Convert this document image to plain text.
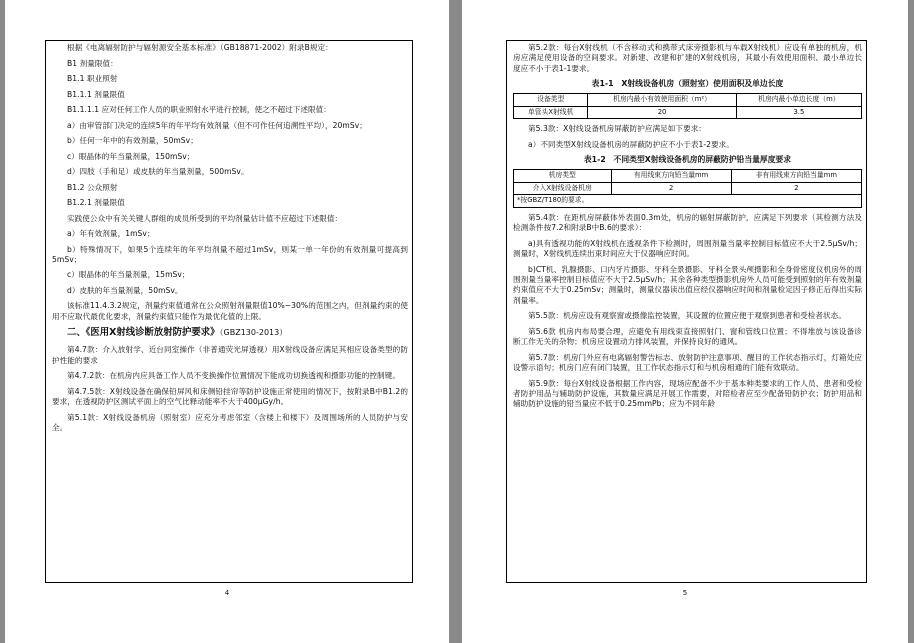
根据《电离辐射防护与辐射源安全基本标准》（GB18871-2002）附录B规定：

B1 剂量限值：

B1.1 职业照射

B1.1.1 剂量限值

B1.1.1.1 应对任何工作人员的职业照射水平进行控制，使之不超过下述限值：

a）由审管部门决定的连续5年的年平均有效剂量（但不可作任何追溯性平均），20mSv；

b）任何一年中的有效剂量，50mSv；

c）眼晶体的年当量剂量，150mSv；

d）四肢（手和足）或皮肤的年当量剂量，500mSv。

B1.2 公众照射

B1.2.1 剂量限值

实践使公众中有关关键人群组的成员所受到的平均剂量估计值不应超过下述限值：

a）年有效剂量，1mSv；

b）特殊情况下，如果5个连续年的年平均剂量不超过1mSv，则某一单一年份的有效剂量可提高到5mSv；

c）眼晶体的年当量剂量，15mSv；

d）皮肤的年当量剂量，50mSv。

该标准11.4.3.2规定，剂量约束值通常在公众照射剂量限值10%~30%的范围之内，但剂量约束的使用不应取代最优化要求，剂量约束值只能作为最优化值的上限。

二、《医用X射线诊断放射防护要求》（GBZ130-2013）

第4.7款：介入放射学、近台同室操作（非普通荧光屏透视）用X射线设备应满足其相应设备类型的防护性能的要求

第4.7.2款：在机房内应具备工作人员不变换操作位置情况下能成功切换透视和摄影功能的控制键。

第4.7.5款：X射线设备在确保铅屏风和床侧铅挂帘等防护设施正常使用的情况下，按附录B中B1.2的要求，在透视防护区测试平面上的空气比释动能率不大于400μGy/h。

第5.1款：X射线设备机房（照射室）应充分考虑邻室（含楼上和楼下）及周围场所的人员防护与安全。

4

第5.2款：每台X射线机（不含移动式和携带式床旁摄影机与车载X射线机）应设有单独的机房，机房应满足使用设备的空间要求。对新建、改建和扩建的X射线机房，其最小有效使用面积、最小单边长度应不小于表1-1要求。

表1-1　X射线设备机房（照射室）使用面积及单边长度
设备类型	机房内最小有效使用面积（m²）	机房内最小单边长度（m）
单管头X射线机	20	3.5

第5.3款：X射线设备机房屏蔽防护应满足如下要求：

a）不同类型X射线设备机房的屏蔽防护应不小于表1-2要求。

表1-2　不同类型X射线设备机房的屏蔽防护铅当量厚度要求
机房类型	有用线束方向铅当量mm	非有用线束方向铅当量mm
介入X射线设备机房	2	2
*按GBZ/T180的要求。		

第5.4款：在距机房屏蔽体外表面0.3m处，机房的辐射屏蔽防护，应满足下列要求（其检测方法及检测条件按7.2和附录B中B.6的要求）：

a)具有透视功能的X射线机在透视条件下检测时，周围剂量当量率控制目标值应不大于2.5μSv/h；测量时，X射线机连续出束时间应大于仪器响应时间。

b)CT机、乳腺摄影、口内牙片摄影、牙科全景摄影、牙科全景头颅摄影和全身骨密度仪机房外的周围剂量当量率控制目标值应不大于2.5μSv/h；其余各种类型摄影机房外人员可能受到照射的年有效剂量约束值应不大于0.25mSv；测量时，测量仪器读出值应经仪器响应时间和剂量检定因子修正后得出实际剂量率。

第5.5款：机房应设有观察窗或摄像监控装置，其设置的位置应便于观察到患者和受检者状态。

第5.6款 机房内布局要合理，应避免有用线束直接照射门、窗和管线口位置；不得堆放与该设备诊断工作无关的杂物；机房应设置动力排风装置，并保持良好的通风。

第5.7款：机房门外应有电离辐射警告标志、放射防护注意事项、醒目的工作状态指示灯，灯箱处应设警示语句；机房门应有闭门装置，且工作状态指示灯和与机房相通的门能有效联动。

第5.9款：每台X射线设备根据工作内容，现场应配备不少于基本种类要求的工作人员、患者和受检者防护用品与辅助防护设施，其数量应满足开展工作需要，对陪检者应至少配备铅防护衣；防护用品和辅助防护设施的铅当量应不低于0.25mmPb；应为不同年龄

5
